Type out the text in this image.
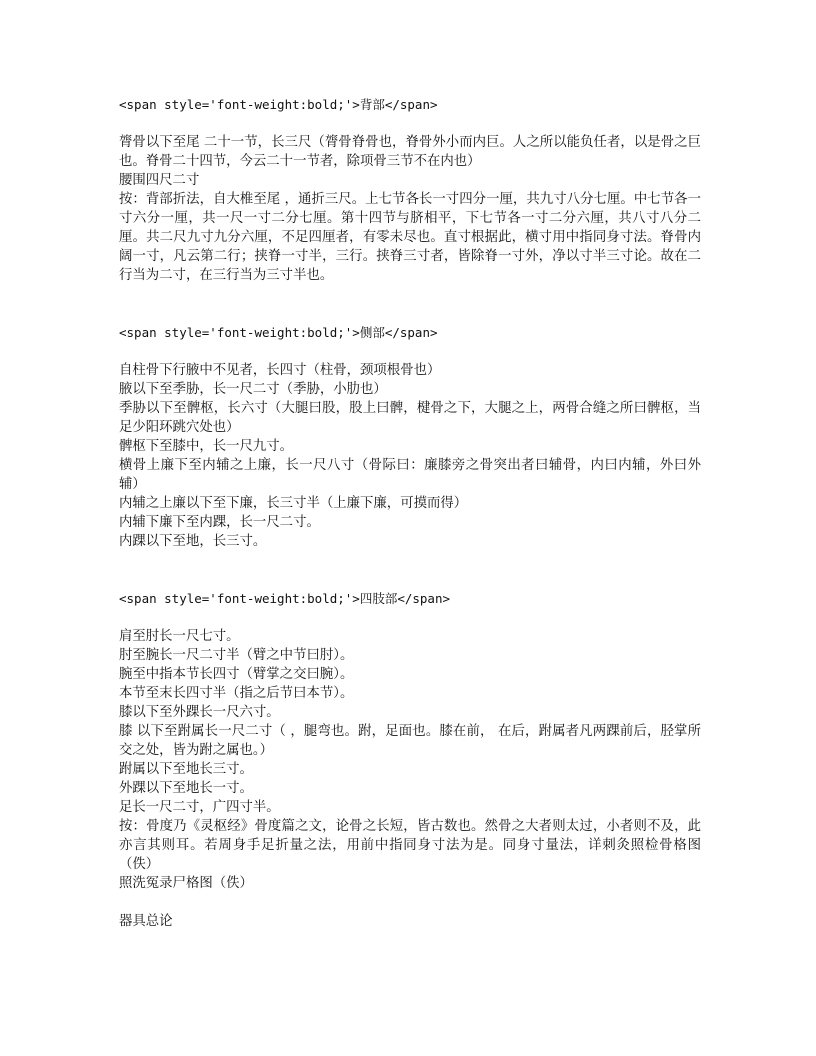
<span style='font-weight:bold;'>背部</span>

膂骨以下至尾 二十一节，长三尺（膂骨脊骨也，脊骨外小而内巨。人之所以能负任者，以是骨之巨也。脊骨二十四节，今云二十一节者，除项骨三节不在内也）

腰围四尺二寸

按：背部折法，自大椎至尾 ，通折三尺。上七节各长一寸四分一厘，共九寸八分七厘。中七节各一寸六分一厘，共一尺一寸二分七厘。第十四节与脐相平，下七节各一寸二分六厘，共八寸八分二厘。共二尺九寸九分六厘，不足四厘者，有零未尽也。直寸根据此，横寸用中指同身寸法。脊骨内阔一寸，凡云第二行；挟脊一寸半，三行。挟脊三寸者，皆除脊一寸外，净以寸半三寸论。故在二行当为二寸，在三行当为三寸半也。

<span style='font-weight:bold;'>侧部</span>

自柱骨下行腋中不见者，长四寸（柱骨，颈项根骨也）

腋以下至季胁，长一尺二寸（季胁，小肋也）

季胁以下至髀枢，长六寸（大腿曰股，股上曰髀，楗骨之下，大腿之上，两骨合缝之所曰髀枢，当足少阳环跳穴处也）

髀枢下至膝中，长一尺九寸。

横骨上廉下至内辅之上廉，长一尺八寸（骨际曰：廉膝旁之骨突出者曰辅骨，内曰内辅，外曰外辅）

内辅之上廉以下至下廉，长三寸半（上廉下廉，可摸而得）

内辅下廉下至内踝，长一尺二寸。

内踝以下至地，长三寸。

<span style='font-weight:bold;'>四肢部</span>

肩至肘长一尺七寸。

肘至腕长一尺二寸半（臂之中节曰肘）。

腕至中指本节长四寸（臂掌之交曰腕）。

本节至末长四寸半（指之后节曰本节）。

膝以下至外踝长一尺六寸。

膝 以下至跗属长一尺二寸（ ，腿弯也。跗，足面也。膝在前， 在后，跗属者凡两踝前后，胫掌所交之处，皆为跗之属也。）

跗属以下至地长三寸。

外踝以下至地长一寸。

足长一尺二寸，广四寸半。

按：骨度乃《灵枢经》骨度篇之文，论骨之长短，皆古数也。然骨之大者则太过，小者则不及，此亦言其则耳。若周身手足折量之法，用前中指同身寸法为是。同身寸量法，详刺灸照检骨格图（佚）

照洗冤录尸格图（佚）

器具总论
